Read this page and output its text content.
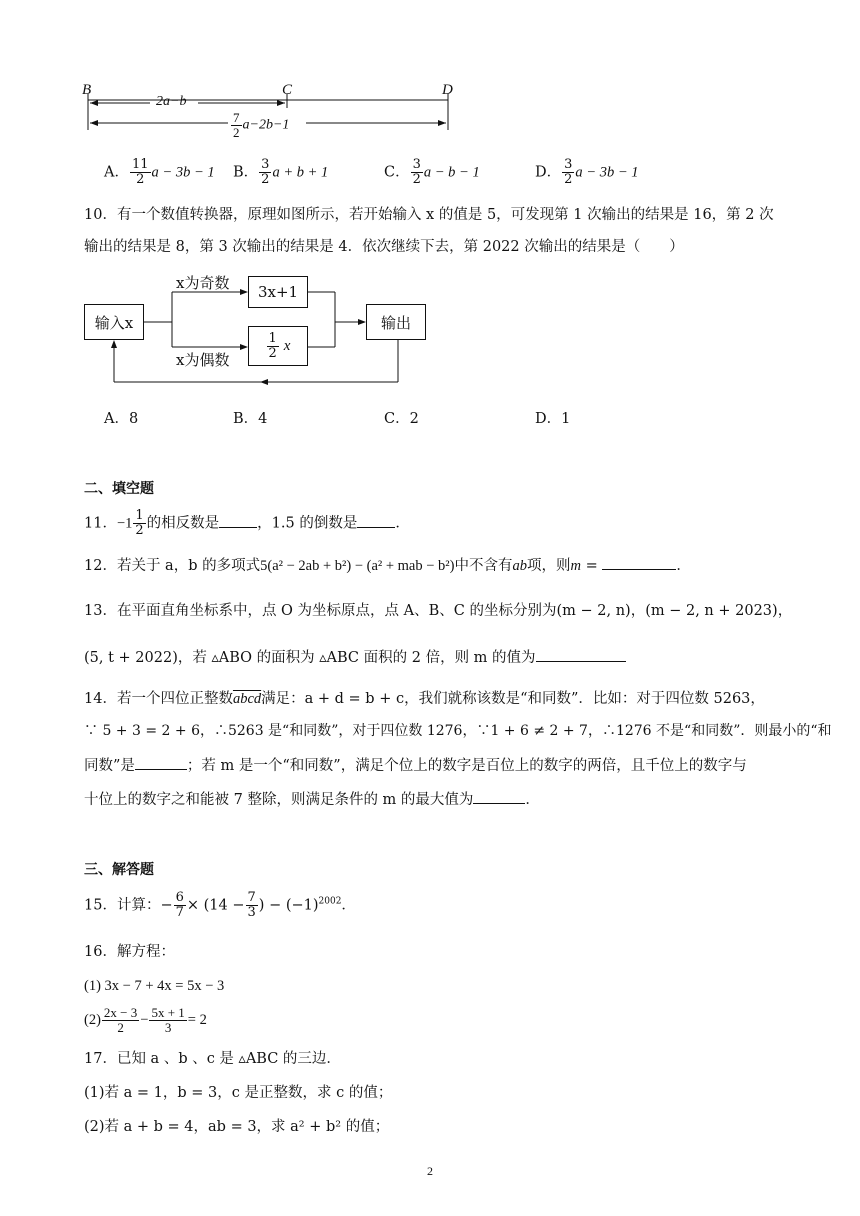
B	C	D
2a−b
$\frac{7}{2} a-2b-1$
A． $\frac{11}{2}$ a − 3b − 1 B． $\frac{3}{2}$ a + b + 1	C． $\frac{3}{2}$ a − b − 1	D． $\frac{3}{2}$ a − 3b − 1
10．有一个数值转换器，原理如图所示，若开始输入 x 的值是 5，可发现第 1 次输出的结果是 16，第 2 次
输出的结果是 8，第 3 次输出的结果是 4．依次继续下去，第 2022 次输出的结果是（　　）
输入x
3x+1
$\frac{1}{2}$ x
输出
x为奇数
x为偶数
A．8	B．4	C．2	D．1
二、填空题
11．$-1 \frac{1}{2}$ 的相反数是	，1.5 的倒数是	．
12．若关于 a，b 的多项式5(a² − 2ab + b²) − (a² + mab − b²)中不含有ab项，则m =	．
13．在平面直角坐标系中，点 O 为坐标原点，点 A、B、C 的坐标分别为(m − 2, n)，(m − 2, n + 2023)，
(5, t + 2022)，若 ▵ABO 的面积为 ▵ABC 面积的 2 倍，则 m 的值为
14．若一个四位正整数abcd满足：a + d = b + c，我们就称该数是“和同数”．比如：对于四位数 5263，
∵ 5 + 3 = 2 + 6，∴5263 是“和同数”，对于四位数 1276，∵1 + 6 ≠ 2 + 7，∴1276 不是“和同数”．则最小的“和
同数”是	；若 m 是一个“和同数”，满足个位上的数字是百位上的数字的两倍，且千位上的数字与
十位上的数字之和能被 7 整除，则满足条件的 m 的最大值为	．
三、解答题
15．计算：− $\frac{6}{7} \times (14 - \frac{7}{3}$ ) − $(-1)^{2002}$．
16．解方程：
(1) 3x − 7 + 4x = 5x − 3
$(2) \frac{2x - 3}{2} - \frac{5x + 1}{3} = 2$
17．已知 a 、b 、c 是 ▵ABC 的三边．
(1)若 a = 1，b = 3，c 是正整数，求 c 的值；
(2)若 a + b = 4，ab = 3，求 a² + b² 的值；
2
